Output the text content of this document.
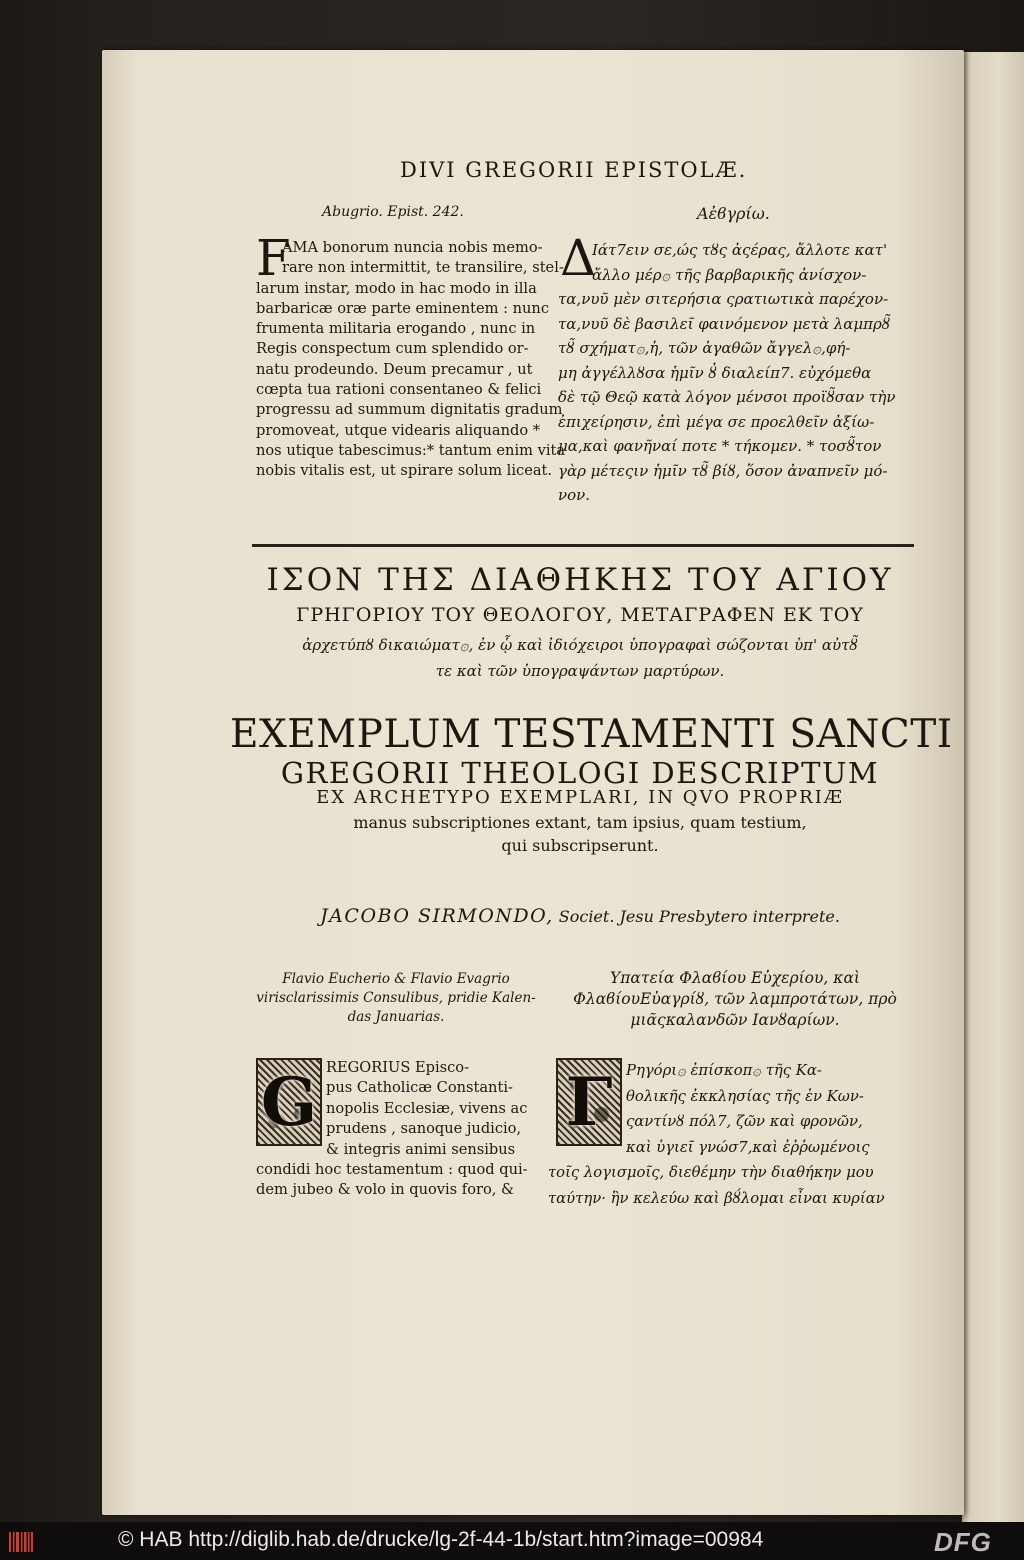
DIVI GREGORII EPISTOLÆ.
Abugrio. Epist. 242.	Αἐϐγρίω.
F
AMA bonorum nuncia nobis memo-
rare non intermittit, te transilire, stel-
larum instar, modo in hac modo in illa
barbaricæ oræ parte eminentem : nunc
frumenta militaria erogando , nunc in
Regis conspectum cum splendido or-
natu prodeundo. Deum precamur , ut
cœpta tua rationi consentaneo & felici
progressu ad summum dignitatis gradum
promoveat, utque videaris aliquando *
nos utique tabescimus:* tantum enim vita
nobis vitalis est, ut spirare solum liceat.
Δ
Ιάτ7ειν σε,ώς τȣς ἀςέρας, ἄλλοτε κατ'
ἄλλο μέρ۞ τῆς βαρβαρικῆς ἀνίσχον-
τα,νυῦ μὲν σιτερήσια ςρατιωτικὰ παρέχον-
τα,νυῦ δὲ βασιλεῖ φαινόμενον μετὰ λαμπρȣ̃
τȣ̃ σχήματ۞,ἡ, τῶν ἀγαθῶν ἄγγελ۞,φή-
μη ἀγγέλλȣσα ἡμῖν ȣ̓ διαλείπ7. εὐχόμεθα
δὲ τῷ Θεῷ κατὰ λόγον μένσοι προϊȣ̃σαν τὴν
ἐπιχείρησιν, ἐπὶ μέγα σε προελθεῖν ἀξίω-
μα,καὶ φανῆναί ποτε * τήκομεν. * τοσȣ̃τον
γὰρ μέτεςιν ἡμῖν τȣ̃ βίȣ, ὅσον ἀναπνεῖν μό-
νον.
ΙΣΟΝ ΤΗΣ ΔΙΑΘΗΚΗΣ ΤΟΥ ΑΓΙΟΥ
ΓΡΗΓΟΡΙΟΥ ΤΟΥ ΘΕΟΛΟΓΟΥ, ΜΕΤΑΓΡΑΦΕΝ ΕΚ ΤΟΥ
ἀρχετύπȣ δικαιώματ۞, ἐν ᾧ καὶ ἰδιόχειροι ὑπογραφαὶ σώζονται ὑπ' αὐτȣ̃
τε καὶ τῶν ὑπογραψάντων μαρτύρων.
EXEMPLUM TESTAMENTI SANCTI
GREGORII THEOLOGI DESCRIPTUM
EX ARCHETYPO EXEMPLARI, IN QVO PROPRIÆ
manus subscriptiones extant, tam ipsius, quam testium,
qui subscripserunt.
JACOBO SIRMONDO, Societ. Jesu Presbytero interprete.
Flavio Eucherio & Flavio Evagrio virisclarissimis Consulibus, pridie Kalen-das Januarias.
Υπατεία Φλαϐίου Εὐχερίου, καὶ ΦλαϐίουΕὐαγρίȣ, τῶν λαμπροτάτων, πρὸ μιᾶςκαλανδῶν Ιανȣαρίων.
G REGORIUS Episco-
pus Catholicæ Constanti-
nopolis Ecclesiæ, vivens ac
prudens , sanoque judicio,
& integris animi sensibus
condidi hoc testamentum : quod qui-
dem jubeo & volo in quovis foro, &
Γ Ρηγόρι۞ ἐπίσκοπ۞ τῆς Κα-
θολικῆς ἐκκλησίας τῆς ἐν Κων-
ςαντίνȣ πόλ7, ζῶν καὶ φρονῶν,
καὶ ὑγιεῖ γνώσ7,καὶ ἐῤῥωμένοις
τοῖς λογισμοῖς, διεθέμην τὴν διαθήκην μου
ταύτην· ἣν κελεύω καὶ βȣ́λομαι εἶναι κυρίαν
© HAB http://diglib.hab.de/drucke/lg-2f-44-1b/start.htm?image=00984	DFG
